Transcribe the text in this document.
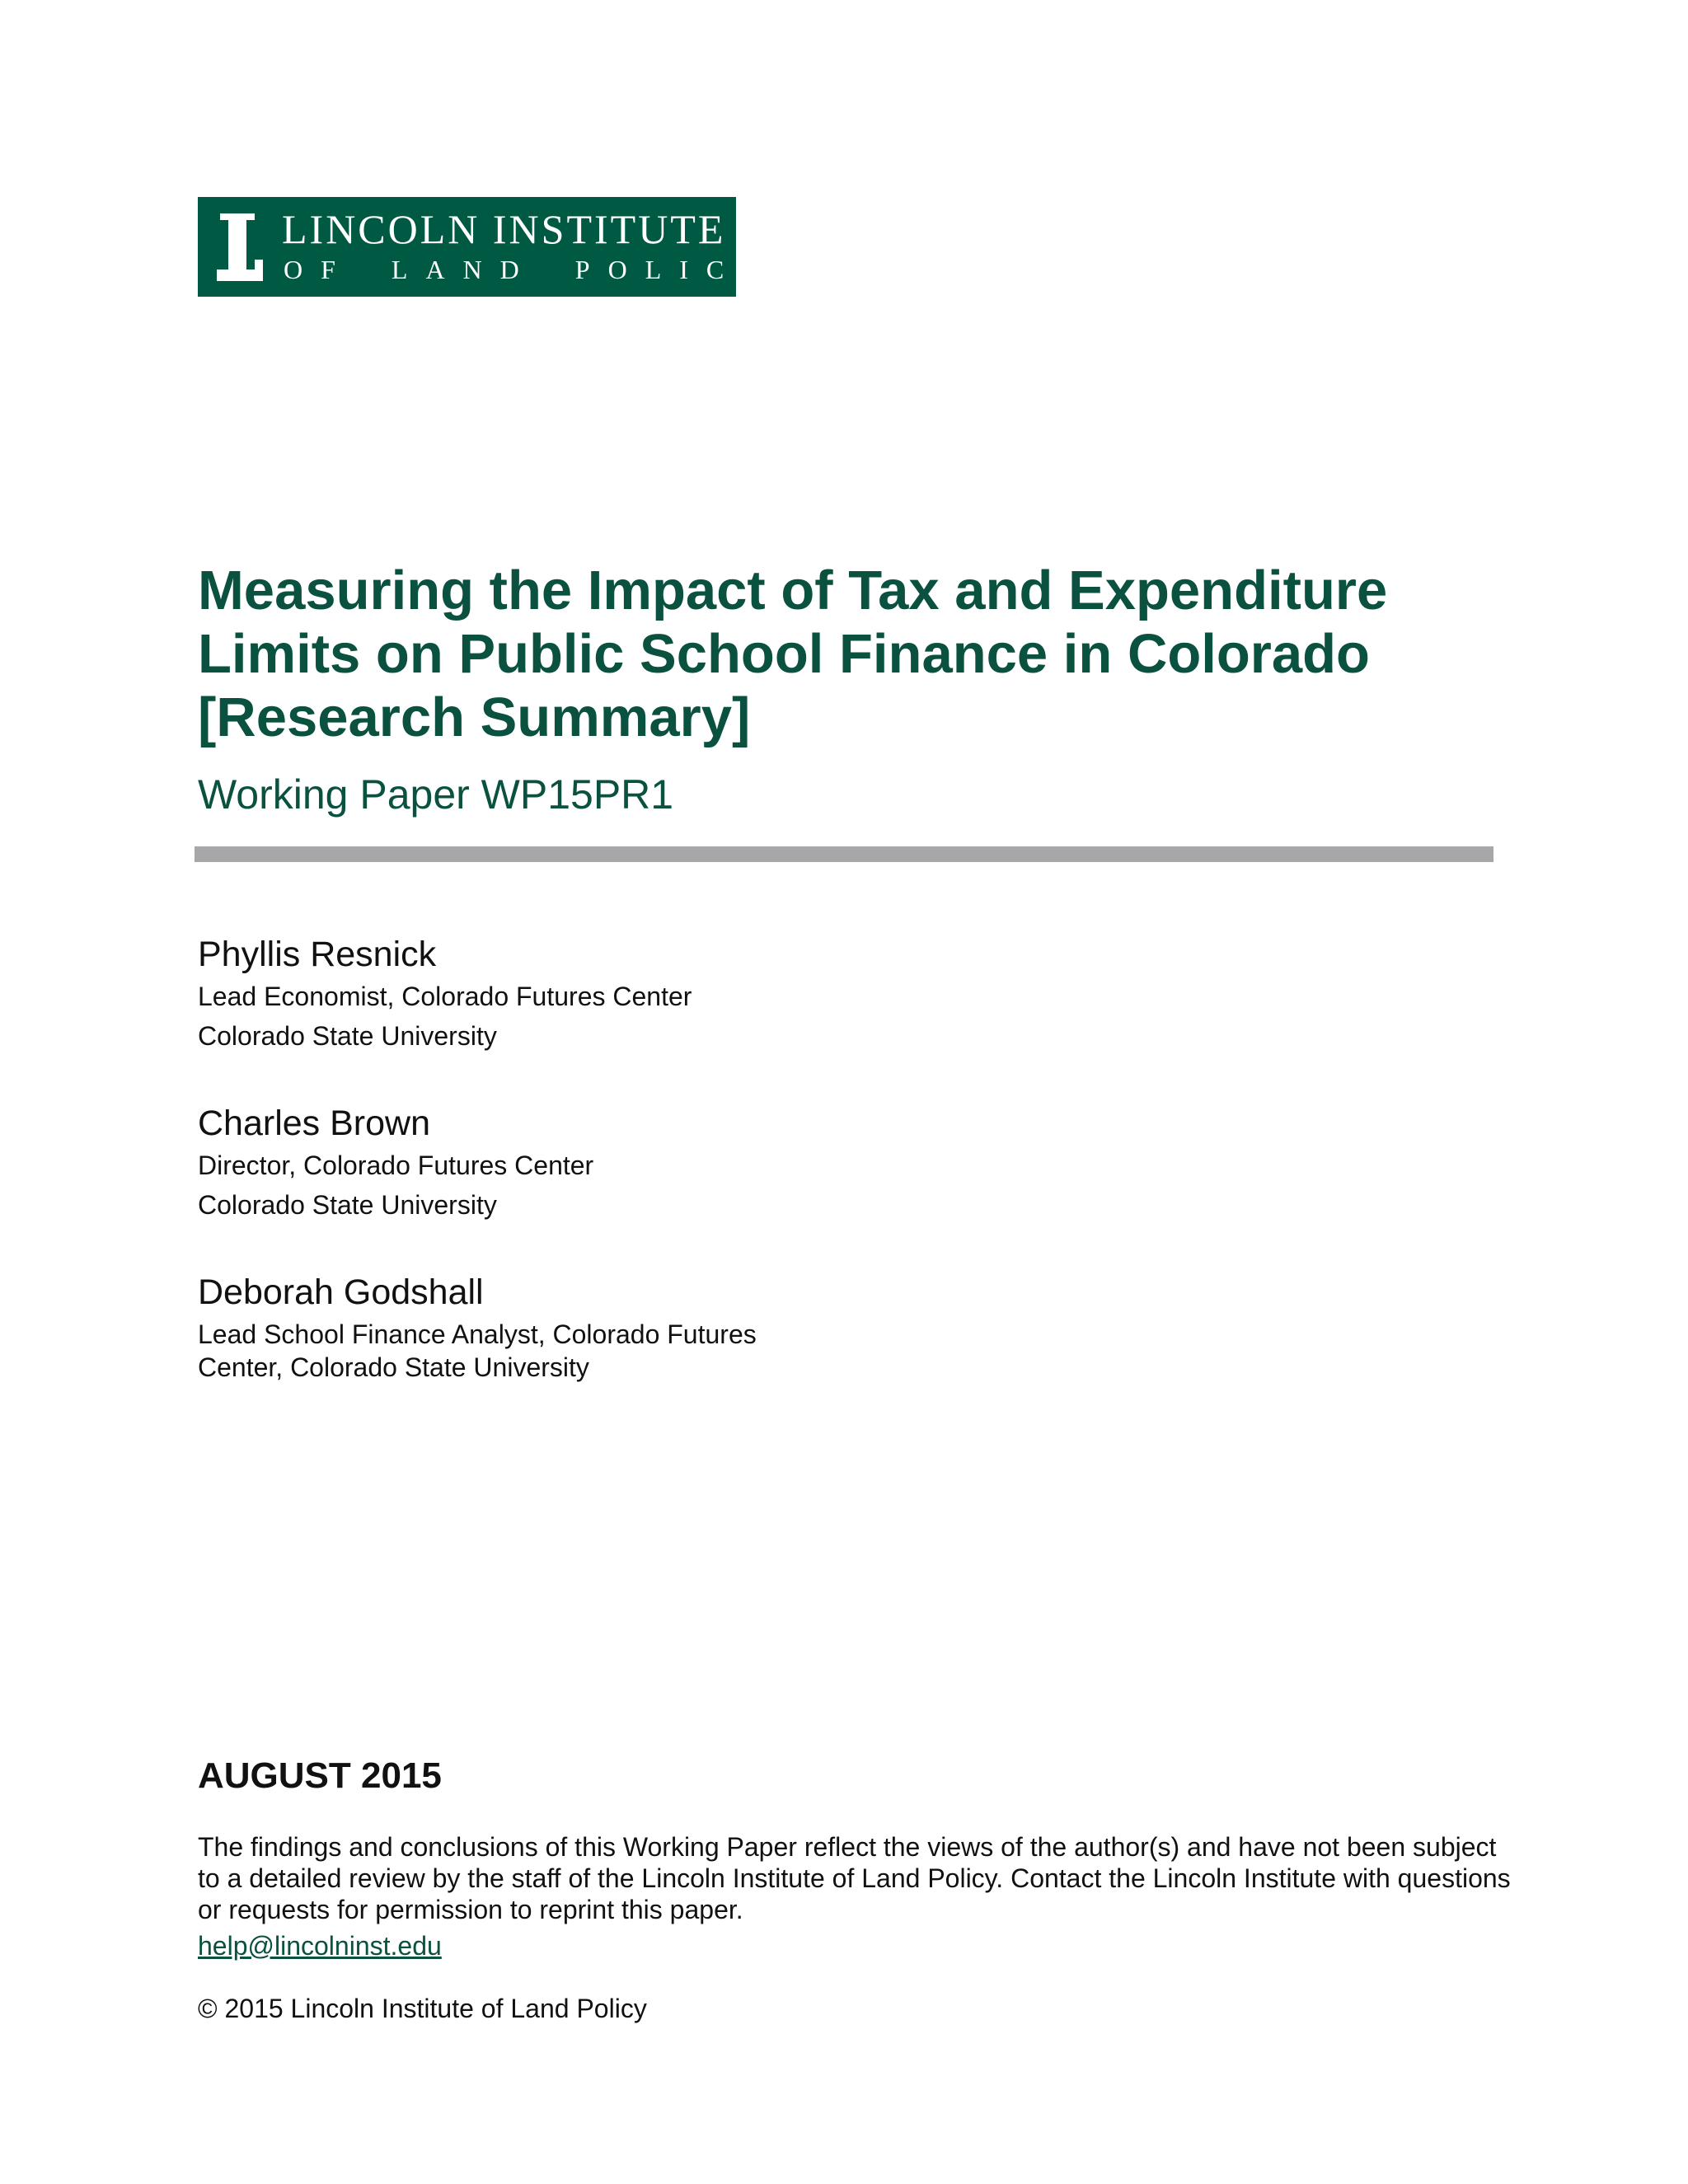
LINCOLN INSTITUTE
OF LAND POLICY
Measuring the Impact of Tax and Expenditure Limits on Public School Finance in Colorado [Research Summary]
Working Paper WP15PR1
Phyllis Resnick
Lead Economist, Colorado Futures Center
Colorado State University
Charles Brown
Director, Colorado Futures Center
Colorado State University
Deborah Godshall
Lead School Finance Analyst, Colorado Futures
Center, Colorado State University
AUGUST 2015
The findings and conclusions of this Working Paper reflect the views of the author(s) and have not been subject to a detailed review by the staff of the Lincoln Institute of Land Policy. Contact the Lincoln Institute with questions or requests for permission to reprint this paper.
help@lincolninst.edu
© 2015 Lincoln Institute of Land Policy
